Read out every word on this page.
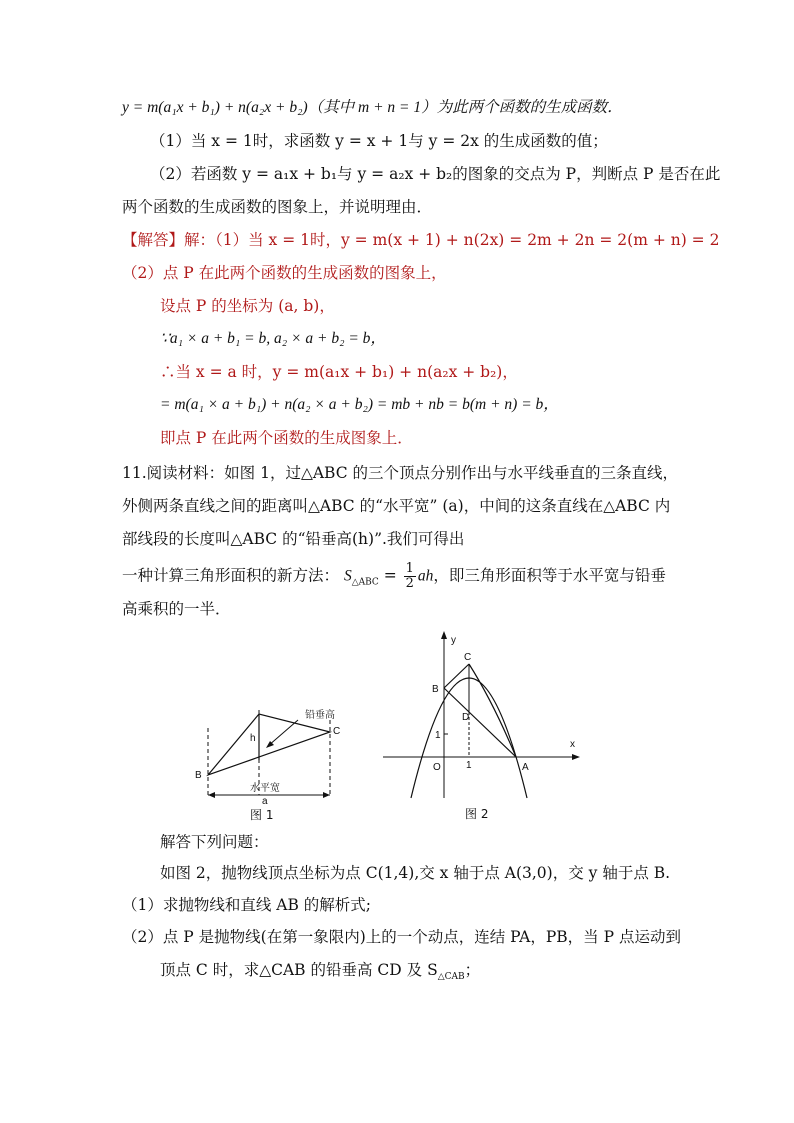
y = m(a₁x + b₁) + n(a₂x + b₂)（其中 m + n = 1）为此两个函数的生成函数．
（1）当 x = 1时，求函数 y = x + 1与 y = 2x 的生成函数的值；
（2）若函数 y = a₁x + b₁与 y = a₂x + b₂的图象的交点为 P，判断点 P 是否在此
两个函数的生成函数的图象上，并说明理由．
【解答】解：（1）当 x = 1时，y = m(x + 1) + n(2x) = 2m + 2n = 2(m + n) = 2
（2）点 P 在此两个函数的生成函数的图象上，
设点 P 的坐标为 (a, b)，
∵a₁ × a + b₁ = b, a₂ × a + b₂ = b，
∴当 x = a 时，y = m(a₁x + b₁) + n(a₂x + b₂)，
= m(a₁ × a + b₁) + n(a₂ × a + b₂) = mb + nb = b(m + n) = b，
即点 P 在此两个函数的生成图象上．
11.阅读材料：如图 1，过△ABC 的三个顶点分别作出与水平线垂直的三条直线，
外侧两条直线之间的距离叫△ABC 的“水平宽” (a)，中间的这条直线在△ABC 内
部线段的长度叫△ABC 的“铅垂高(h)”.我们可得出
一种计算三角形面积的新方法： $S_{\triangle ABC} = \frac{1}{2}$ ah，即三角形面积等于水平宽与铅垂
高乘积的一半．
B
C
h
铅垂高
水平宽
a
图 1
y
x
C
B
D
O	A
1
1
图 2
解答下列问题：
如图 2，抛物线顶点坐标为点 C(1,4),交 x 轴于点 A(3,0)，交 y 轴于点 B.
（1）求抛物线和直线 AB 的解析式;
（2）点 P 是抛物线(在第一象限内)上的一个动点，连结 PA，PB，当 P 点运动到
顶点 C 时，求△CAB 的铅垂高 CD 及 $S_{\triangle CAB}$；
